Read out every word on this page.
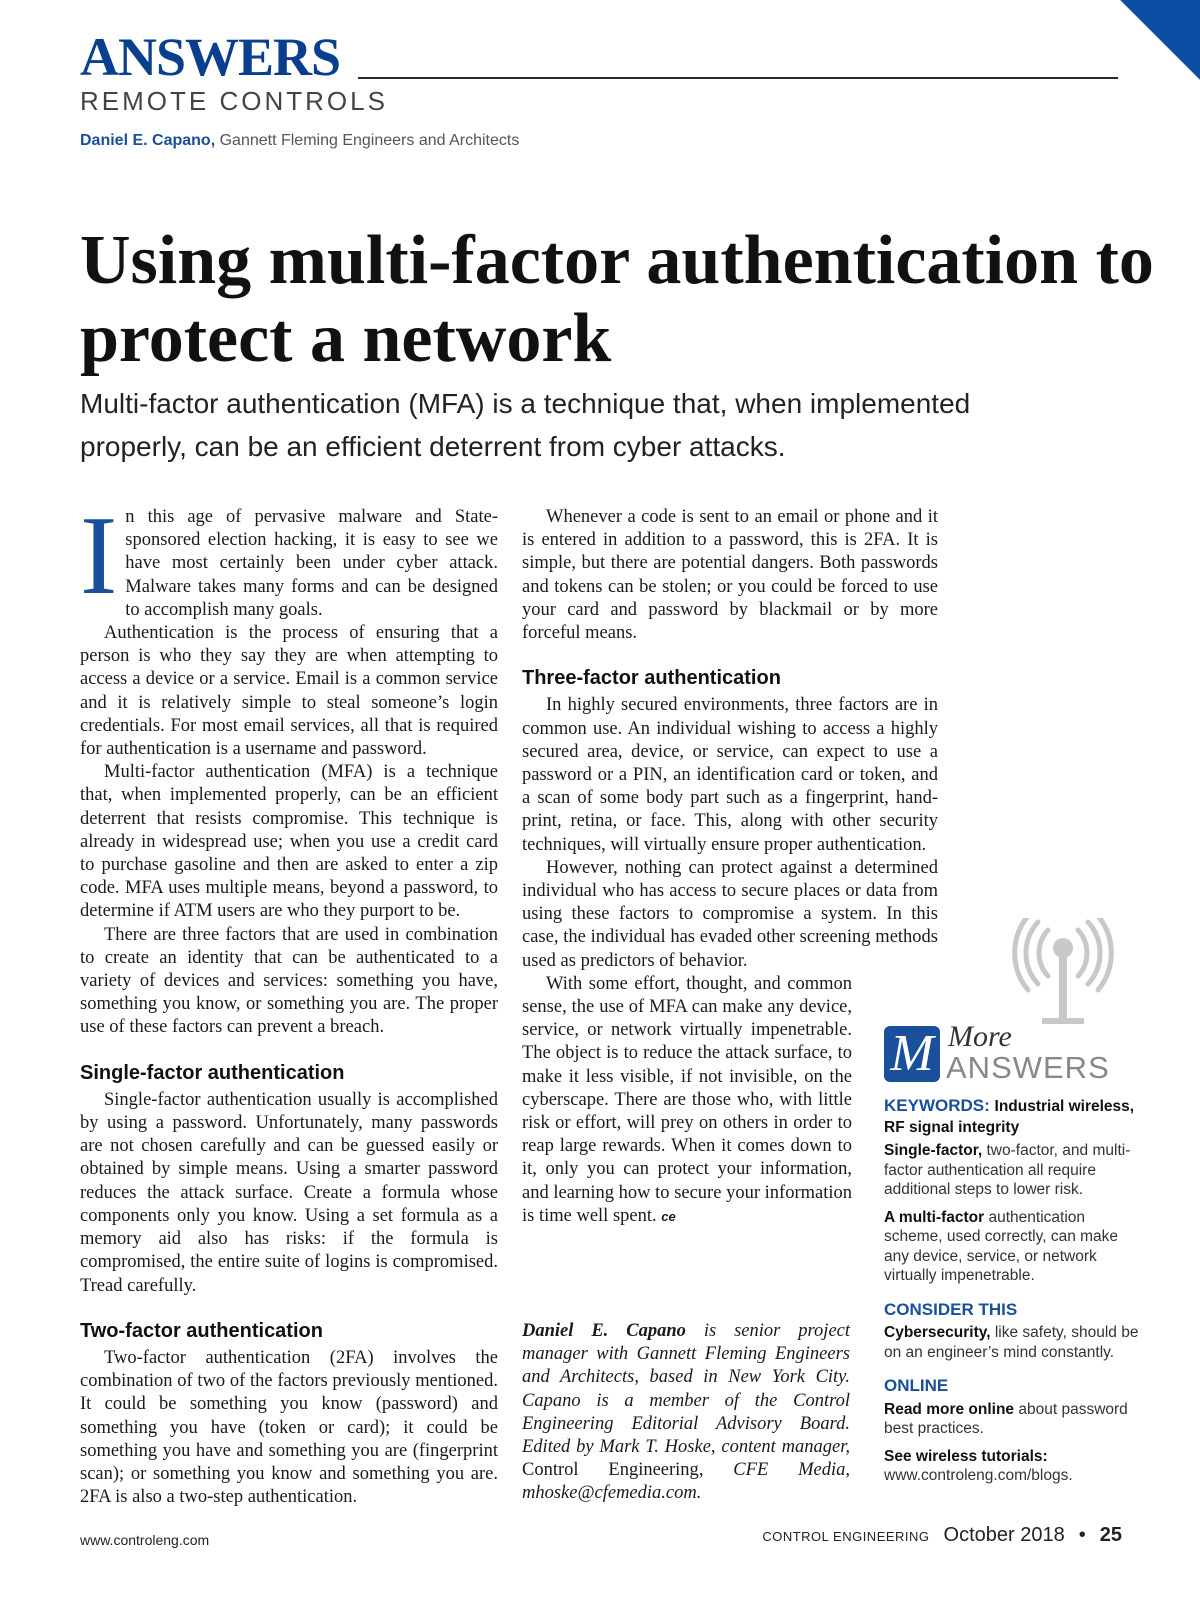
ANSWERS
REMOTE CONTROLS
Daniel E. Capano, Gannett Fleming Engineers and Architects
Using multi-factor authentication to protect a network
Multi-factor authentication (MFA) is a technique that, when implemented properly, can be an efficient deterrent from cyber attacks.
I n this age of pervasive malware and State-sponsored election hacking, it is easy to see we have most certainly been under cyber attack. Malware takes many forms and can be designed to accomplish many goals.

Authentication is the process of ensuring that a person is who they say they are when attempting to access a device or a service. Email is a common service and it is relatively simple to steal someone’s login credentials. For most email services, all that is required for authentication is a username and password.

Multi-factor authentication (MFA) is a technique that, when implemented properly, can be an efficient deterrent that resists compromise. This technique is already in widespread use; when you use a credit card to purchase gasoline and then are asked to enter a zip code. MFA uses multiple means, beyond a password, to determine if ATM users are who they purport to be.

There are three factors that are used in combination to create an identity that can be authenticated to a variety of devices and services: something you have, something you know, or something you are. The proper use of these factors can prevent a breach.

Single-factor authentication

Single-factor authentication usually is accomplished by using a password. Unfortunately, many passwords are not chosen carefully and can be guessed easily or obtained by simple means. Using a smarter password reduces the attack surface. Create a formula whose components only you know. Using a set formula as a memory aid also has risks: if the formula is compromised, the entire suite of logins is compromised. Tread carefully.

Two-factor authentication

Two-factor authentication (2FA) involves the combination of two of the factors previously mentioned. It could be something you know (password) and something you have (token or card); it could be something you have and something you are (fingerprint scan); or something you know and something you are. 2FA is also a two-step authentication.

Whenever a code is sent to an email or phone and it is entered in addition to a password, this is 2FA. It is simple, but there are potential dangers. Both passwords and tokens can be stolen; or you could be forced to use your card and password by blackmail or by more forceful means.

Three-factor authentication

In highly secured environments, three factors are in common use. An individual wishing to access a highly secured area, device, or service, can expect to use a password or a PIN, an identification card or token, and a scan of some body part such as a fingerprint, hand-print, retina, or face. This, along with other security techniques, will virtually ensure proper authentication.

However, nothing can protect against a determined individual who has access to secure places or data from using these factors to compromise a system. In this case, the individual has evaded other screening methods used as predictors of behavior.

With some effort, thought, and common sense, the use of MFA can make any device, service, or network virtually impenetrable. The object is to reduce the attack surface, to make it less visible, if not invisible, on the cyberscape. There are those who, with little risk or effort, will prey on others in order to reap large rewards. When it comes down to it, only you can protect your information, and learning how to secure your information is time well spent. ce

Daniel E. Capano is senior project manager with Gannett Fleming Engineers and Architects, based in New York City. Capano is a member of the Control Engineering Editorial Advisory Board. Edited by Mark T. Hoske, content manager, Control Engineering, CFE Media, mhoske@cfemedia.com.
M More
ANSWERS
KEYWORDS: Industrial wireless, RF signal integrity

Single-factor, two-factor, and multi-factor authentication all require additional steps to lower risk.

A multi-factor authentication scheme, used correctly, can make any device, service, or network virtually impenetrable.

CONSIDER THIS

Cybersecurity, like safety, should be on an engineer’s mind constantly.

ONLINE

Read more online about password best practices.

See wireless tutorials:
www.controleng.com/blogs.

www.controleng.com	CONTROL ENGINEERING October 2018 • 25
